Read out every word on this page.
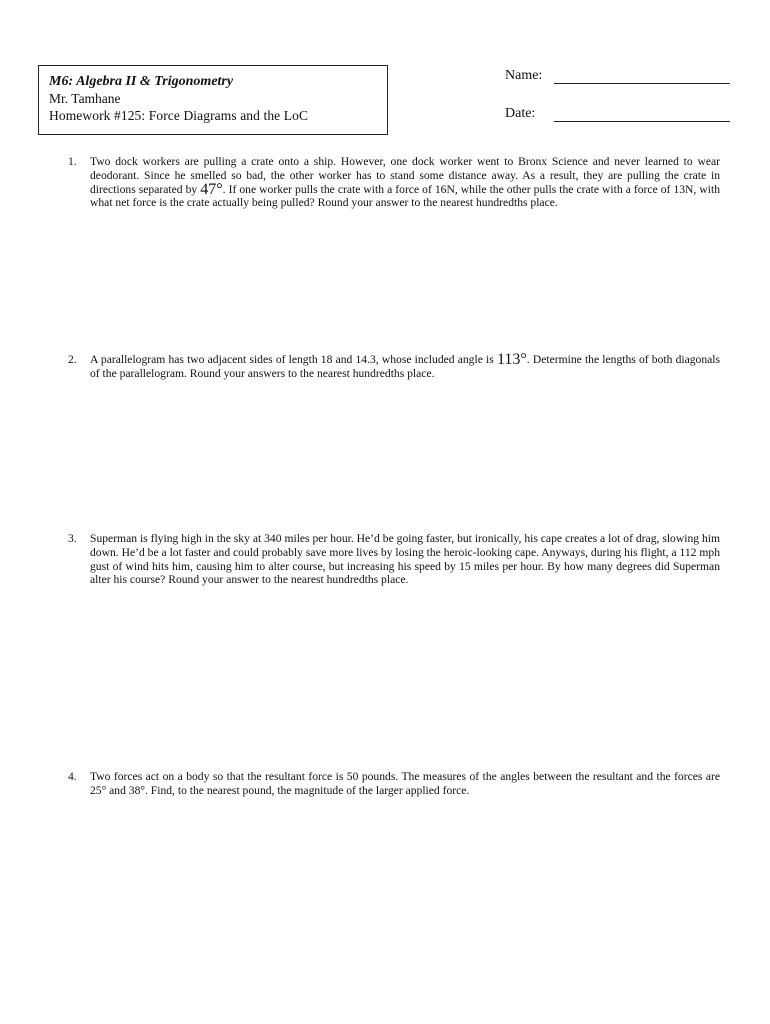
M6: Algebra II & Trigonometry

Mr. Tamhane
Homework #125: Force Diagrams and the LoC
Name:
Date:
1.	Two dock workers are pulling a crate onto a ship. However, one dock worker went to Bronx Science and never learned to wear deodorant. Since he smelled so bad, the other worker has to stand some distance away. As a result, they are pulling the crate in directions separated by 47°. If one worker pulls the crate with a force of 16N, while the other pulls the crate with a force of 13N, with what net force is the crate actually being pulled? Round your answer to the nearest hundredths place.
2.	A parallelogram has two adjacent sides of length 18 and 14.3, whose included angle is 113°. Determine the lengths of both diagonals of the parallelogram. Round your answers to the nearest hundredths place.
3.	Superman is flying high in the sky at 340 miles per hour. He’d be going faster, but ironically, his cape creates a lot of drag, slowing him down. He’d be a lot faster and could probably save more lives by losing the heroic-looking cape. Anyways, during his flight, a 112 mph gust of wind hits him, causing him to alter course, but increasing his speed by 15 miles per hour. By how many degrees did Superman alter his course? Round your answer to the nearest hundredths place.
4.	Two forces act on a body so that the resultant force is 50 pounds. The measures of the angles between the resultant and the forces are 25° and 38°. Find, to the nearest pound, the magnitude of the larger applied force.
